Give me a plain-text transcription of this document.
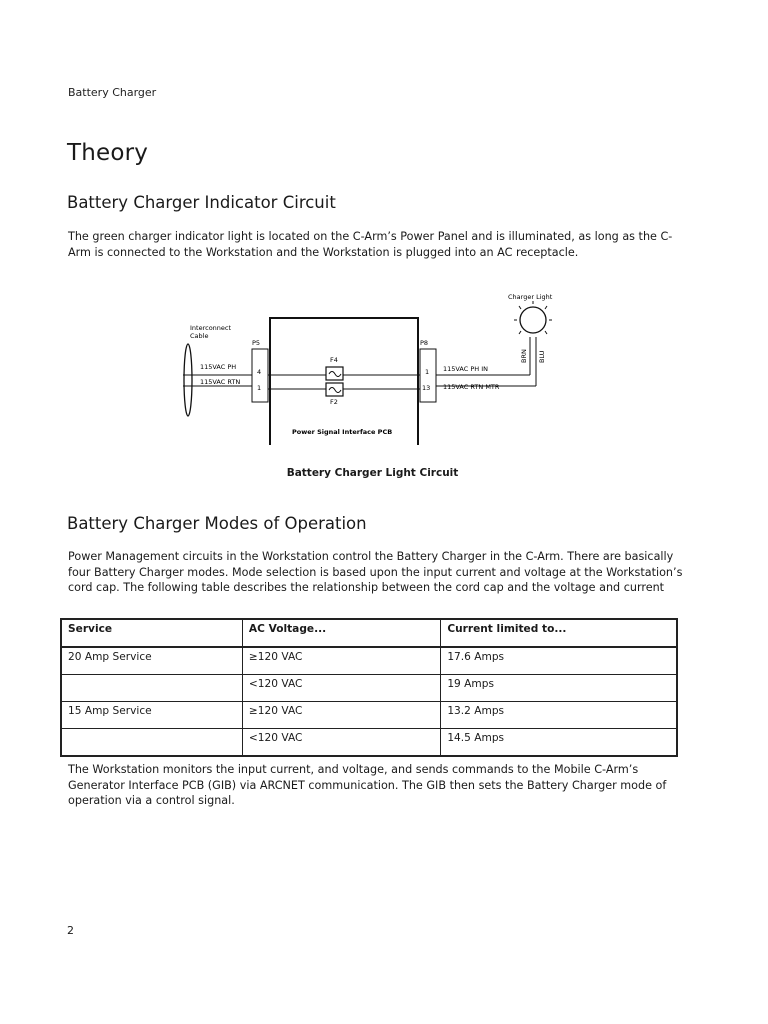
Battery Charger
Theory
Battery Charger Indicator Circuit

The green charger indicator light is located on the C-Arm’s Power Panel and is illuminated, as long as the C-Arm is connected to the Workstation and the Workstation is plugged into an AC receptacle.

Interconnect
Cable
P5
4
1
115VAC PH
115VAC RTN
Power Signal Interface PCB
F4
F2
P8
1
13
115VAC PH IN
115VAC RTN MTR
Charger Light
BRN BLU
Battery Charger Light Circuit
Battery Charger Modes of Operation

Power Management circuits in the Workstation control the Battery Charger in the C-Arm. There are basically four Battery Charger modes. Mode selection is based upon the input current and voltage at the Workstation’s cord cap. The following table describes the relationship between the cord cap and the voltage and current

Service	AC Voltage...	Current limited to...
20 Amp Service	≥120 VAC	17.6 Amps
	<120 VAC	19 Amps
15 Amp Service	≥120 VAC	13.2 Amps
	<120 VAC	14.5 Amps

The Workstation monitors the input current, and voltage, and sends commands to the Mobile C-Arm’s Generator Interface PCB (GIB) via ARCNET communication. The GIB then sets the Battery Charger mode of operation via a control signal.

2
